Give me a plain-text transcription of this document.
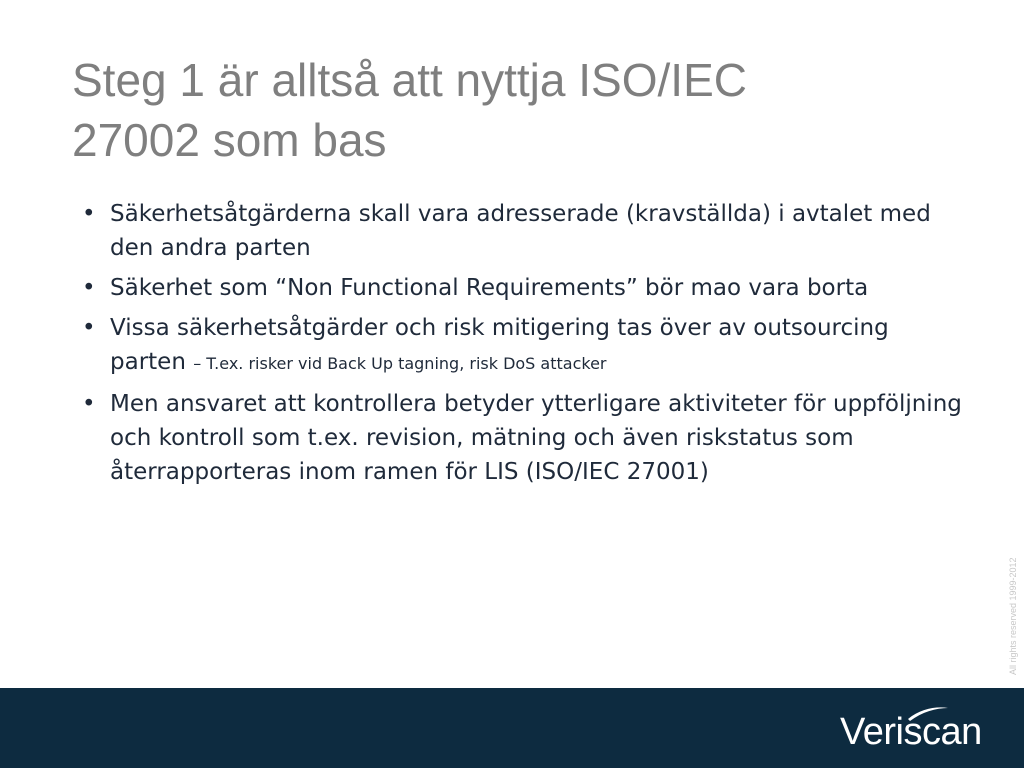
Steg 1 är alltså att nyttja ISO/IEC
27002 som bas
• Säkerhetsåtgärderna skall vara adresserade (kravställda) i avtalet med den andra parten
• Säkerhet som “Non Functional Requirements” bör mao vara borta
• Vissa säkerhetsåtgärder och risk mitigering tas över av outsourcing parten – T.ex. risker vid Back Up tagning, risk DoS attacker
• Men ansvaret att kontrollera betyder ytterligare aktiviteter för uppföljning och kontroll som t.ex. revision, mätning och även riskstatus som återrapporteras inom ramen för LIS (ISO/IEC 27001)
All rights reserved 1999-2012
Veriscan
